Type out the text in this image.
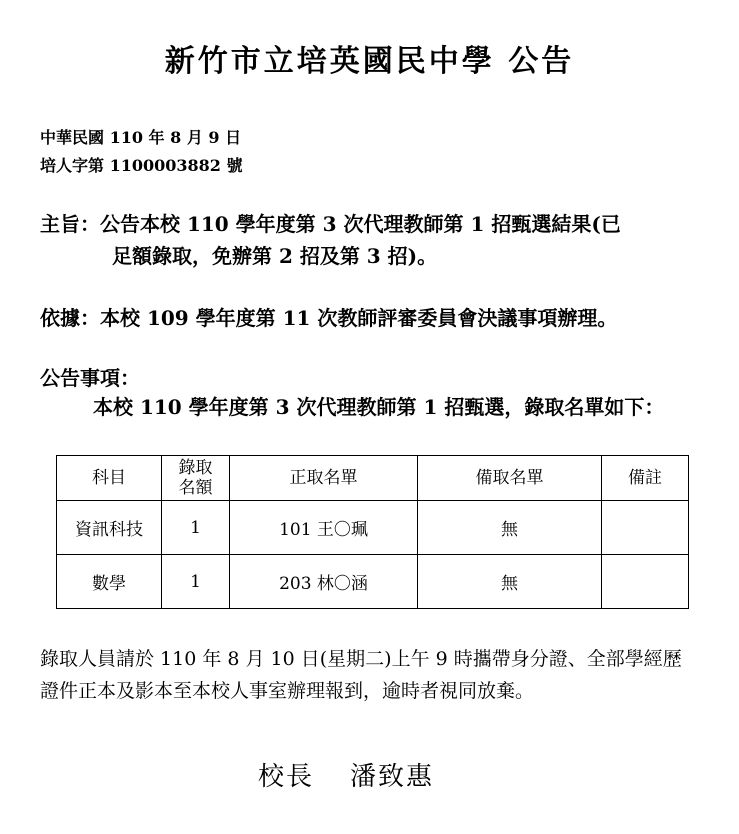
新竹市立培英國民中學 公告
中華民國 110 年 8 月 9 日
培人字第 1100003882 號
主旨：公告本校 110 學年度第 3 次代理教師第 1 招甄選結果(已
足額錄取，免辦第 2 招及第 3 招)。
依據：本校 109 學年度第 11 次教師評審委員會決議事項辦理。
公告事項：
本校 110 學年度第 3 次代理教師第 1 招甄選，錄取名單如下：
科目	錄取名額	正取名單	備取名單	備註
資訊科技	1	101 王〇珮	無	
數學	1	203 林〇涵	無	
錄取人員請於 110 年 8 月 10 日(星期二)上午 9 時攜帶身分證、全部學經歷證件正本及影本至本校人事室辦理報到，逾時者視同放棄。
校長 潘致惠
